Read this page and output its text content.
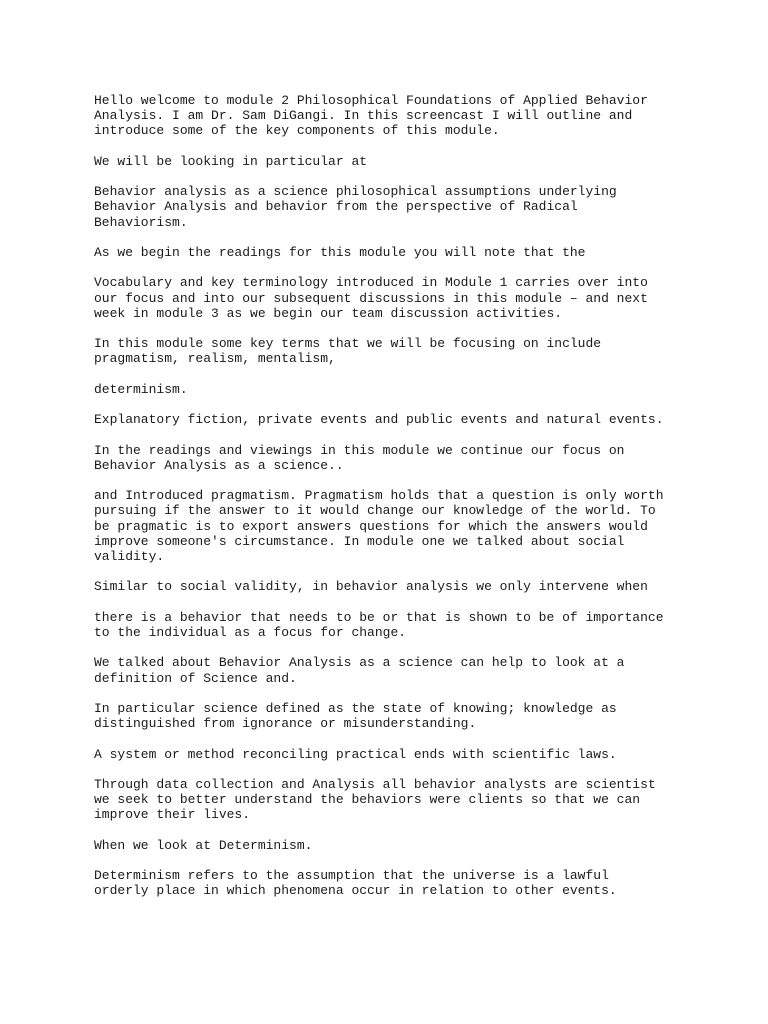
Hello welcome to module 2 Philosophical Foundations of Applied Behavior
Analysis. I am Dr. Sam DiGangi. In this screencast I will outline and
introduce some of the key components of this module.

We will be looking in particular at

Behavior analysis as a science philosophical assumptions underlying
Behavior Analysis and behavior from the perspective of Radical
Behaviorism.

As we begin the readings for this module you will note that the

Vocabulary and key terminology introduced in Module 1 carries over into
our focus and into our subsequent discussions in this module – and next
week in module 3 as we begin our team discussion activities.

In this module some key terms that we will be focusing on include
pragmatism, realism, mentalism,

determinism.

Explanatory fiction, private events and public events and natural events.

In the readings and viewings in this module we continue our focus on
Behavior Analysis as a science..

and Introduced pragmatism. Pragmatism holds that a question is only worth
pursuing if the answer to it would change our knowledge of the world. To
be pragmatic is to export answers questions for which the answers would
improve someone's circumstance. In module one we talked about social
validity.

Similar to social validity, in behavior analysis we only intervene when

there is a behavior that needs to be or that is shown to be of importance
to the individual as a focus for change.

We talked about Behavior Analysis as a science can help to look at a
definition of Science and.

In particular science defined as the state of knowing; knowledge as
distinguished from ignorance or misunderstanding.

A system or method reconciling practical ends with scientific laws.

Through data collection and Analysis all behavior analysts are scientist
we seek to better understand the behaviors were clients so that we can
improve their lives.

When we look at Determinism.

Determinism refers to the assumption that the universe is a lawful
orderly place in which phenomena occur in relation to other events.
